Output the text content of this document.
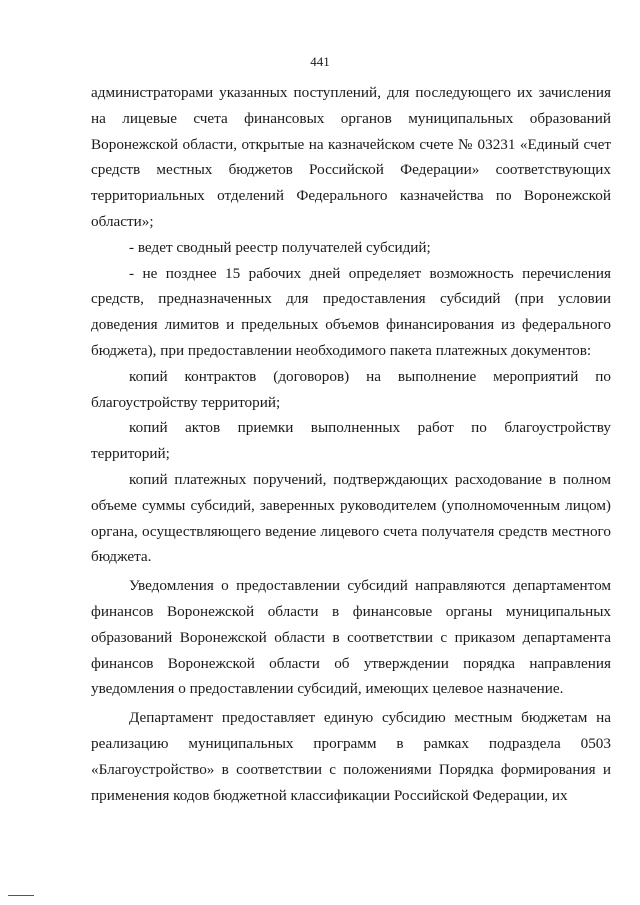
441

администраторами указанных поступлений, для последующего их зачисления на лицевые счета финансовых органов муниципальных образований Воронежской области, открытые на казначейском счете № 03231 «Единый счет средств местных бюджетов Российской Федерации» соответствующих территориальных отделений Федерального казначейства по Воронежской области»;

- ведет сводный реестр получателей субсидий;

- не позднее 15 рабочих дней определяет возможность перечисления средств, предназначенных для предоставления субсидий (при условии доведения лимитов и предельных объемов финансирования из федерального бюджета), при предоставлении необходимого пакета платежных документов:

копий контрактов (договоров) на выполнение мероприятий по благоустройству территорий;

копий актов приемки выполненных работ по благоустройству территорий;

копий платежных поручений, подтверждающих расходование в полном объеме суммы субсидий, заверенных руководителем (уполномоченным лицом) органа, осуществляющего ведение лицевого счета получателя средств местного бюджета.

Уведомления о предоставлении субсидий направляются департаментом финансов Воронежской области в финансовые органы муниципальных образований Воронежской области в соответствии с приказом департамента финансов Воронежской области об утверждении порядка направления уведомления о предоставлении субсидий, имеющих целевое назначение.

Департамент предоставляет единую субсидию местным бюджетам на реализацию муниципальных программ в рамках подраздела 0503 «Благоустройство» в соответствии с положениями Порядка формирования и применения кодов бюджетной классификации Российской Федерации, их
